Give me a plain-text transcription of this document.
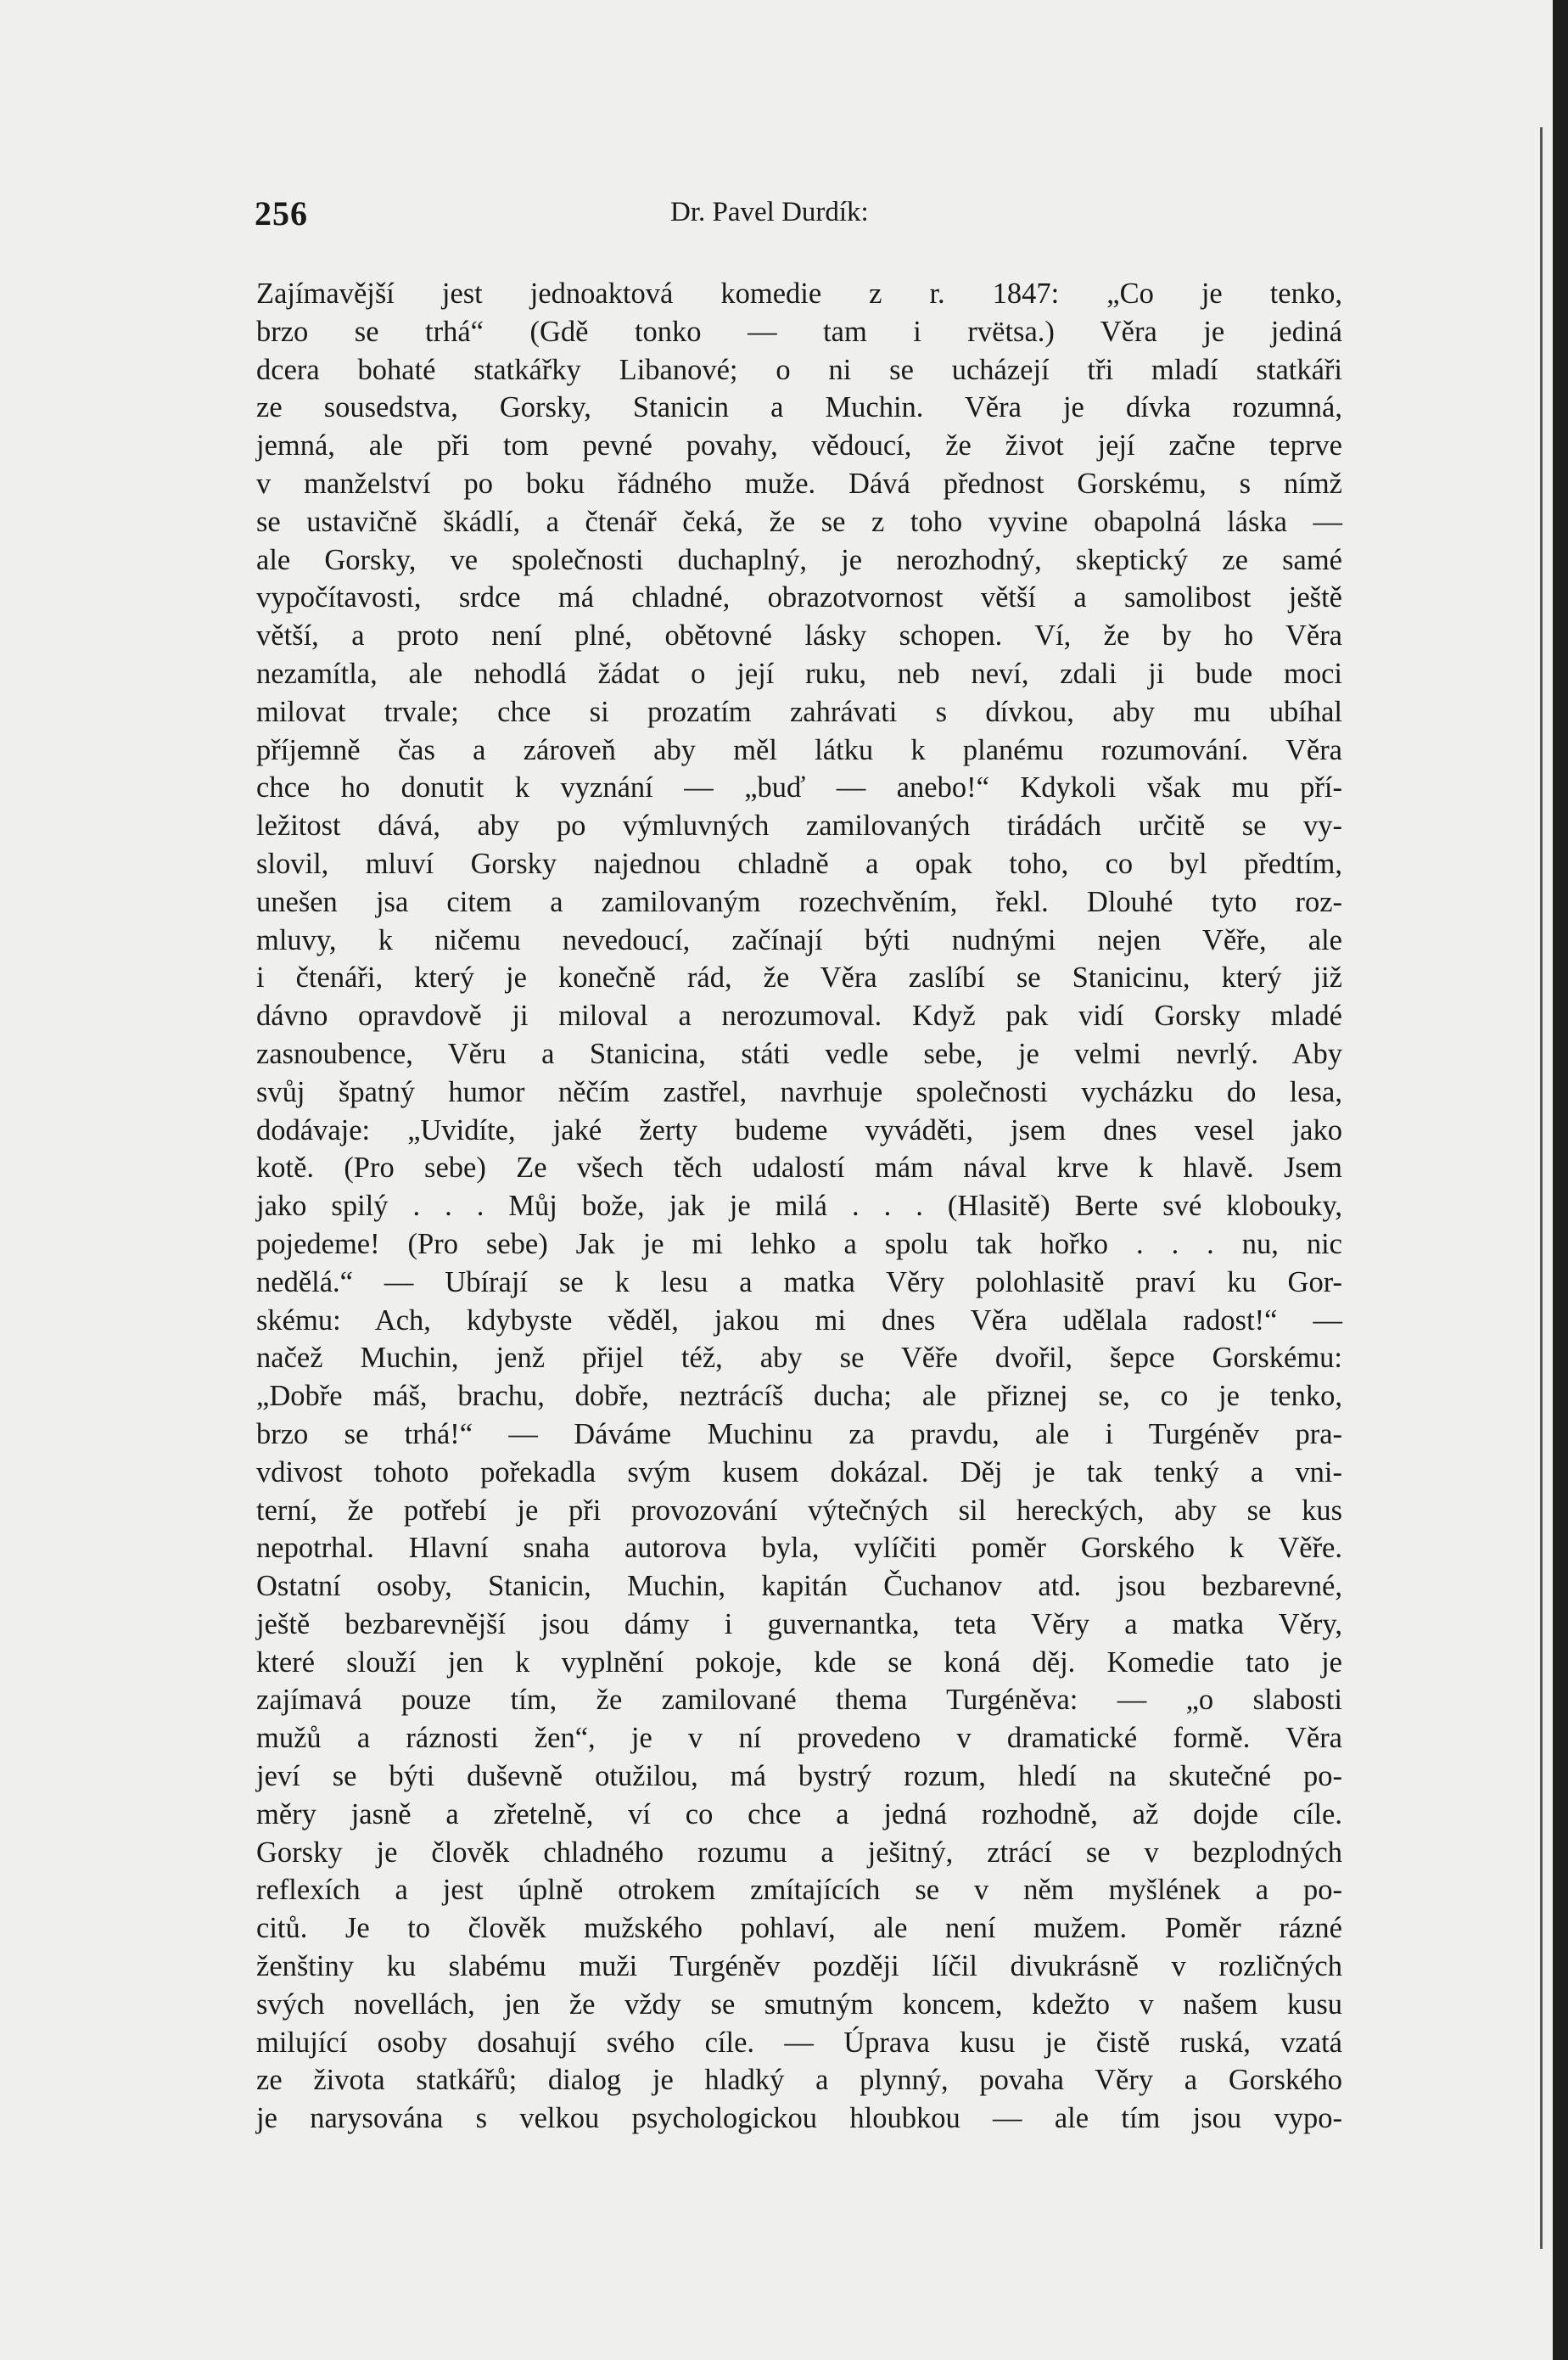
256	Dr. Pavel Durdík:
Zajímavější jest jednoaktová komedie z r. 1847: „Co je tenko,
brzo se trhá“ (Gdě tonko — tam i rvëtsa.) Věra je jediná
dcera bohaté statkářky Libanové; o ni se ucházejí tři mladí statkáři
ze sousedstva, Gorsky, Stanicin a Muchin. Věra je dívka rozumná,
jemná, ale při tom pevné povahy, vědoucí, že život její začne teprve
v manželství po boku řádného muže. Dává přednost Gorskému, s nímž
se ustavičně škádlí, a čtenář čeká, že se z toho vyvine obapolná láska —
ale Gorsky, ve společnosti duchaplný, je nerozhodný, skeptický ze samé
vypočítavosti, srdce má chladné, obrazotvornost větší a samolibost ještě
větší, a proto není plné, obětovné lásky schopen. Ví, že by ho Věra
nezamítla, ale nehodlá žádat o její ruku, neb neví, zdali ji bude moci
milovat trvale; chce si prozatím zahrávati s dívkou, aby mu ubíhal
příjemně čas a zároveň aby měl látku k planému rozumování. Věra
chce ho donutit k vyznání — „buď — anebo!“ Kdykoli však mu pří-
ležitost dává, aby po výmluvných zamilovaných tirádách určitě se vy-
slovil, mluví Gorsky najednou chladně a opak toho, co byl předtím,
unešen jsa citem a zamilovaným rozechvěním, řekl. Dlouhé tyto roz-
mluvy, k ničemu nevedoucí, začínají býti nudnými nejen Věře, ale
i čtenáři, který je konečně rád, že Věra zaslíbí se Stanicinu, který již
dávno opravdově ji miloval a nerozumoval. Když pak vidí Gorsky mladé
zasnoubence, Věru a Stanicina, státi vedle sebe, je velmi nevrlý. Aby
svůj špatný humor něčím zastřel, navrhuje společnosti vycházku do lesa,
dodávaje: „Uvidíte, jaké žerty budeme vyváděti, jsem dnes vesel jako
kotě. (Pro sebe) Ze všech těch udalostí mám nával krve k hlavě. Jsem
jako spilý . . . Můj bože, jak je milá . . . (Hlasitě) Berte své klobouky,
pojedeme! (Pro sebe) Jak je mi lehko a spolu tak hořko . . . nu, nic
nedělá.“ — Ubírají se k lesu a matka Věry polohlasitě praví ku Gor-
skému: Ach, kdybyste věděl, jakou mi dnes Věra udělala radost!“ —
načež Muchin, jenž přijel též, aby se Věře dvořil, šepce Gorskému:
„Dobře máš, brachu, dobře, neztrácíš ducha; ale přiznej se, co je tenko,
brzo se trhá!“ — Dáváme Muchinu za pravdu, ale i Turgéněv pra-
vdivost tohoto pořekadla svým kusem dokázal. Děj je tak tenký a vni-
terní, že potřebí je při provozování výtečných sil hereckých, aby se kus
nepotrhal. Hlavní snaha autorova byla, vylíčiti poměr Gorského k Věře.
Ostatní osoby, Stanicin, Muchin, kapitán Čuchanov atd. jsou bezbarevné,
ještě bezbarevnější jsou dámy i guvernantka, teta Věry a matka Věry,
které slouží jen k vyplnění pokoje, kde se koná děj. Komedie tato je
zajímavá pouze tím, že zamilované thema Turgéněva: — „o slabosti
mužů a ráznosti žen“, je v ní provedeno v dramatické formě. Věra
jeví se býti duševně otužilou, má bystrý rozum, hledí na skutečné po-
měry jasně a zřetelně, ví co chce a jedná rozhodně, až dojde cíle.
Gorsky je člověk chladného rozumu a ješitný, ztrácí se v bezplodných
reflexích a jest úplně otrokem zmítajících se v něm myšlének a po-
citů. Je to člověk mužského pohlaví, ale není mužem. Poměr rázné
ženštiny ku slabému muži Turgéněv později líčil divukrásně v rozličných
svých novellách, jen že vždy se smutným koncem, kdežto v našem kusu
milující osoby dosahují svého cíle. — Úprava kusu je čistě ruská, vzatá
ze života statkářů; dialog je hladký a plynný, povaha Věry a Gorského
je narysována s velkou psychologickou hloubkou — ale tím jsou vypo-
